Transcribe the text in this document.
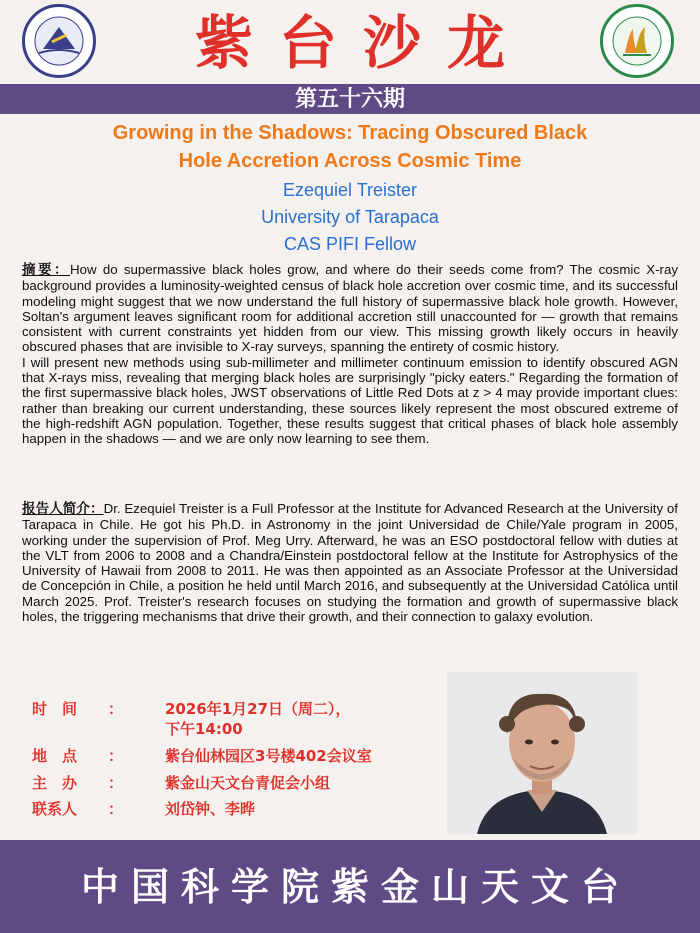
紫台沙龙
第五十六期
Growing in the Shadows: Tracing Obscured Black
Hole Accretion Across Cosmic Time
Ezequiel Treister
University of Tarapaca
CAS PIFI Fellow
摘要：How do supermassive black holes grow, and where do their seeds come from? The cosmic X-ray background provides a luminosity-weighted census of black hole accretion over cosmic time, and its successful modeling might suggest that we now understand the full history of supermassive black hole growth. However, Soltan's argument leaves significant room for additional accretion still unaccounted for — growth that remains consistent with current constraints yet hidden from our view. This missing growth likely occurs in heavily obscured phases that are invisible to X-ray surveys, spanning the entirety of cosmic history.
I will present new methods using sub-millimeter and millimeter continuum emission to identify obscured AGN that X-rays miss, revealing that merging black holes are surprisingly "picky eaters." Regarding the formation of the first supermassive black holes, JWST observations of Little Red Dots at z > 4 may provide important clues: rather than breaking our current understanding, these sources likely represent the most obscured extreme of the high-redshift AGN population. Together, these results suggest that critical phases of black hole assembly happen in the shadows — and we are only now learning to see them.
报告人简介：Dr. Ezequiel Treister is a Full Professor at the Institute for Advanced Research at the University of Tarapaca in Chile. He got his Ph.D. in Astronomy in the joint Universidad de Chile/Yale program in 2005, working under the supervision of Prof. Meg Urry. Afterward, he was an ESO postdoctoral fellow with duties at the VLT from 2006 to 2008 and a Chandra/Einstein postdoctoral fellow at the Institute for Astrophysics of the University of Hawaii from 2008 to 2011. He was then appointed as an Associate Professor at the Universidad de Concepción in Chile, a position he held until March 2016, and subsequently at the Universidad Católica until March 2025. Prof. Treister's research focuses on studying the formation and growth of supermassive black holes, the triggering mechanisms that drive their growth, and their connection to galaxy evolution.
时　间 ：	2026年1月27日（周二），
下午14:00
地　点 ：	紫台仙林园区3号楼402会议室
主　办 ：	紫金山天文台青促会小组
联系人 ：	刘岱钟、李晔
中国科学院紫金山天文台
